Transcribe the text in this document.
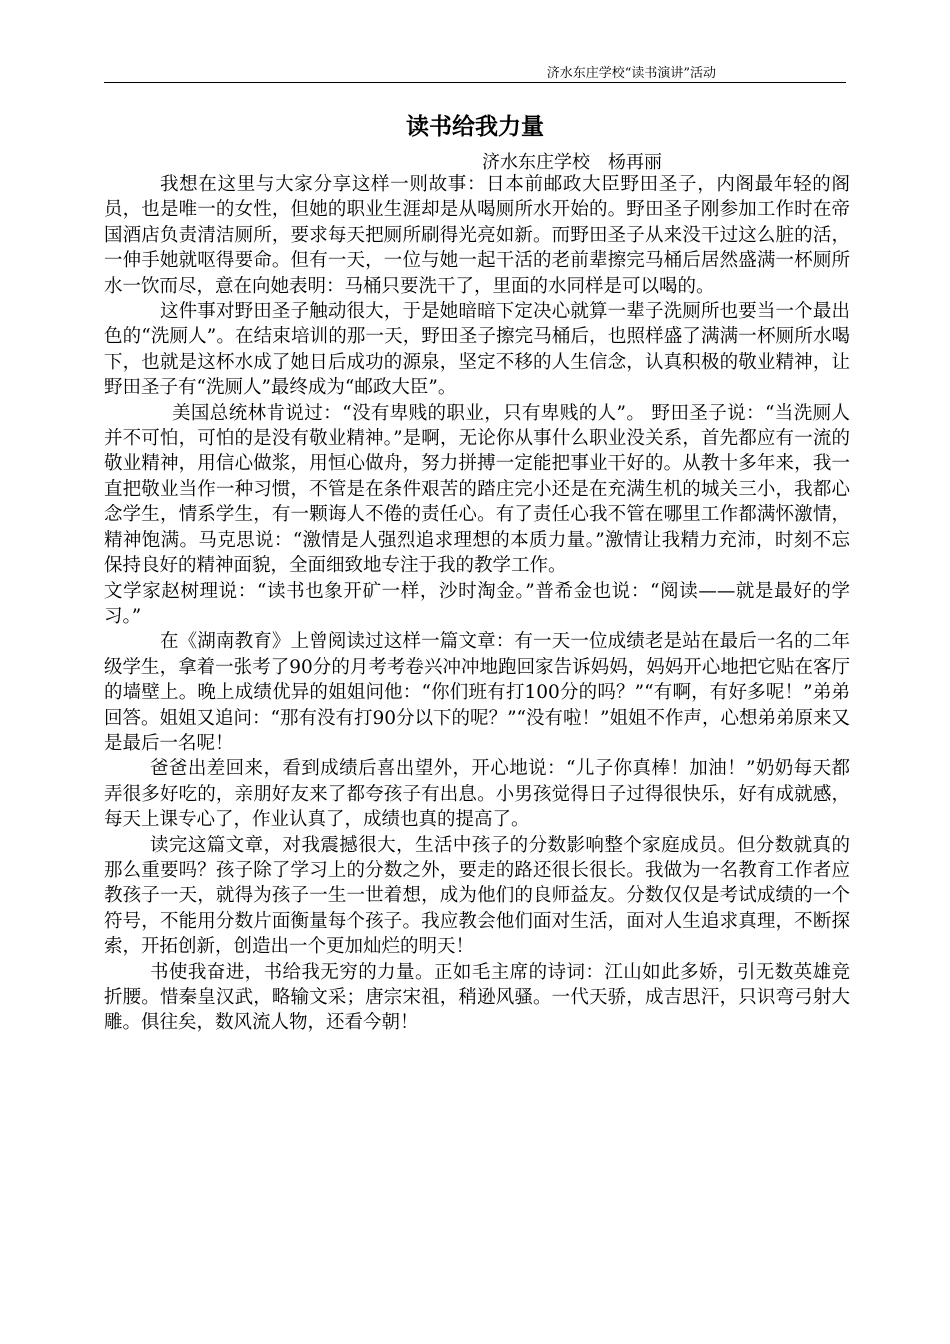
济水东庄学校“读书演讲”活动
读书给我力量
济水东庄学校　杨再丽

我想在这里与大家分享这样一则故事：日本前邮政大臣野田圣子，内阁最年轻的阁员，也是唯一的女性，但她的职业生涯却是从喝厕所水开始的。野田圣子刚参加工作时在帝国酒店负责清洁厕所，要求每天把厕所刷得光亮如新。而野田圣子从来没干过这么脏的活，一伸手她就呕得要命。但有一天，一位与她一起干活的老前辈擦完马桶后居然盛满一杯厕所水一饮而尽，意在向她表明：马桶只要洗干了，里面的水同样是可以喝的。

这件事对野田圣子触动很大，于是她暗暗下定决心就算一辈子洗厕所也要当一个最出色的“洗厕人”。在结束培训的那一天，野田圣子擦完马桶后，也照样盛了满满一杯厕所水喝下，也就是这杯水成了她日后成功的源泉，坚定不移的人生信念，认真积极的敬业精神，让野田圣子有“洗厕人”最终成为“邮政大臣”。

美国总统林肯说过：“没有卑贱的职业，只有卑贱的人”。 野田圣子说：“当洗厕人并不可怕，可怕的是没有敬业精神。”是啊，无论你从事什么职业没关系，首先都应有一流的敬业精神，用信心做浆，用恒心做舟，努力拼搏一定能把事业干好的。从教十多年来，我一直把敬业当作一种习惯，不管是在条件艰苦的踏庄完小还是在充满生机的城关三小，我都心念学生，情系学生，有一颗诲人不倦的责任心。有了责任心我不管在哪里工作都满怀激情，精神饱满。马克思说：“激情是人强烈追求理想的本质力量。”激情让我精力充沛，时刻不忘保持良好的精神面貌，全面细致地专注于我的教学工作。

文学家赵树理说：“读书也象开矿一样，沙时淘金。”普希金也说：“阅读——就是最好的学习。”

在《湖南教育》上曾阅读过这样一篇文章：有一天一位成绩老是站在最后一名的二年级学生，拿着一张考了90分的月考考卷兴冲冲地跑回家告诉妈妈，妈妈开心地把它贴在客厅的墙壁上。晚上成绩优异的姐姐问他：“你们班有打100分的吗？”“有啊，有好多呢！”弟弟回答。姐姐又追问：“那有没有打90分以下的呢？”“没有啦！”姐姐不作声，心想弟弟原来又是最后一名呢！

爸爸出差回来，看到成绩后喜出望外，开心地说：“儿子你真棒！加油！”奶奶每天都弄很多好吃的，亲朋好友来了都夸孩子有出息。小男孩觉得日子过得很快乐，好有成就感，每天上课专心了，作业认真了，成绩也真的提高了。

读完这篇文章，对我震撼很大，生活中孩子的分数影响整个家庭成员。但分数就真的那么重要吗？孩子除了学习上的分数之外，要走的路还很长很长。我做为一名教育工作者应教孩子一天，就得为孩子一生一世着想，成为他们的良师益友。分数仅仅是考试成绩的一个符号，不能用分数片面衡量每个孩子。我应教会他们面对生活，面对人生追求真理，不断探索，开拓创新，创造出一个更加灿烂的明天！

书使我奋进，书给我无穷的力量。正如毛主席的诗词：江山如此多娇，引无数英雄竞折腰。惜秦皇汉武，略输文采；唐宗宋祖，稍逊风骚。一代天骄，成吉思汗，只识弯弓射大雕。俱往矣，数风流人物，还看今朝！
